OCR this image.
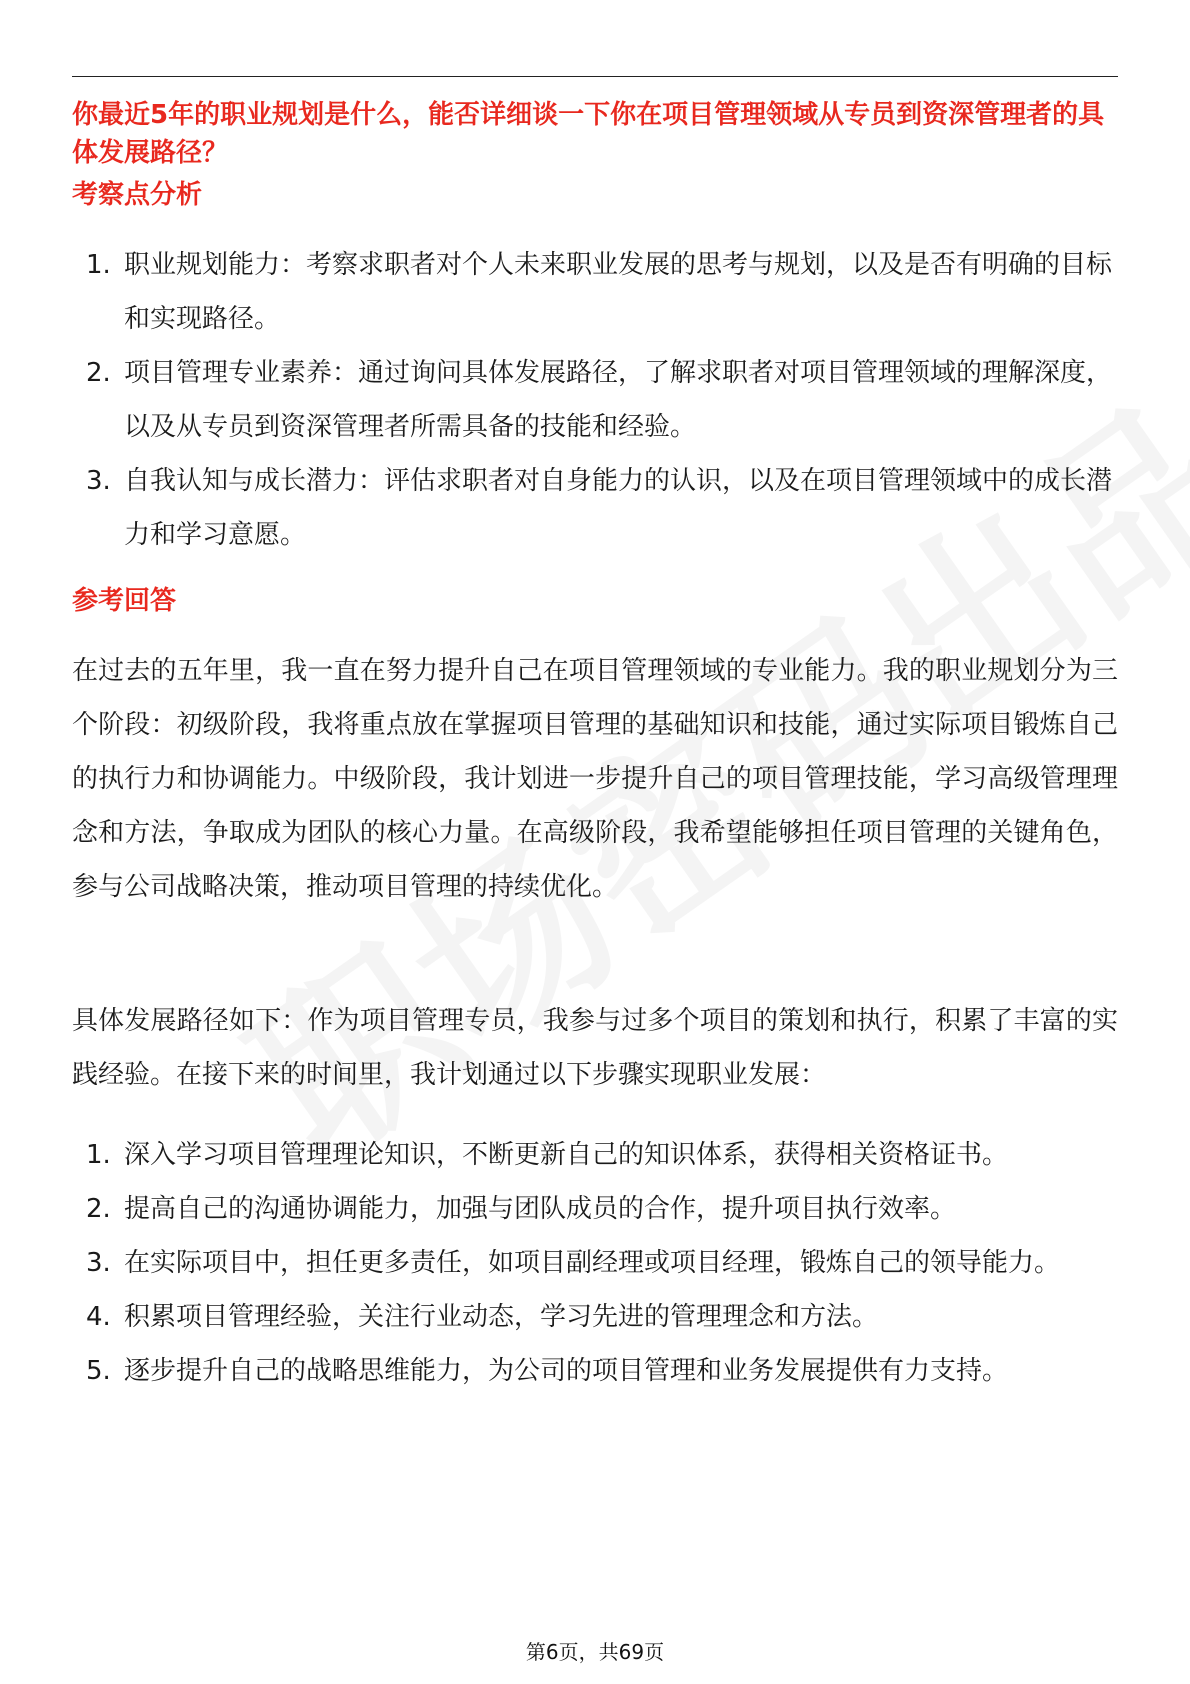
你最近5年的职业规划是什么，能否详细谈一下你在项目管理领域从专员到资深管理者的具体发展路径？
考察点分析
1. 职业规划能力：考察求职者对个人未来职业发展的思考与规划，以及是否有明确的目标和实现路径。
2. 项目管理专业素养：通过询问具体发展路径，了解求职者对项目管理领域的理解深度，以及从专员到资深管理者所需具备的技能和经验。
3. 自我认知与成长潜力：评估求职者对自身能力的认识，以及在项目管理领域中的成长潜力和学习意愿。
参考回答

在过去的五年里，我一直在努力提升自己在项目管理领域的专业能力。我的职业规划分为三个阶段：初级阶段，我将重点放在掌握项目管理的基础知识和技能，通过实际项目锻炼自己的执行力和协调能力。中级阶段，我计划进一步提升自己的项目管理技能，学习高级管理理念和方法，争取成为团队的核心力量。在高级阶段，我希望能够担任项目管理的关键角色，参与公司战略决策，推动项目管理的持续优化。

具体发展路径如下：作为项目管理专员，我参与过多个项目的策划和执行，积累了丰富的实践经验。在接下来的时间里，我计划通过以下步骤实现职业发展：

1. 深入学习项目管理理论知识，不断更新自己的知识体系，获得相关资格证书。
2. 提高自己的沟通协调能力，加强与团队成员的合作，提升项目执行效率。
3. 在实际项目中，担任更多责任，如项目副经理或项目经理，锻炼自己的领导能力。
4. 积累项目管理经验，关注行业动态，学习先进的管理理念和方法。
5. 逐步提升自己的战略思维能力，为公司的项目管理和业务发展提供有力支持。
第6页，共69页
